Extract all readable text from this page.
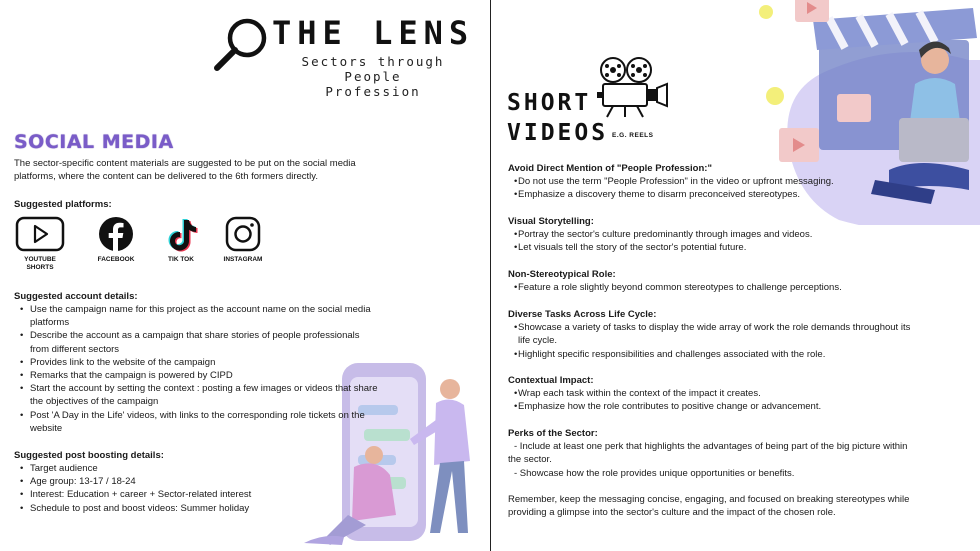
THE LENS
Sectors through
People Profession
SOCIAL MEDIA
The sector-specific content materials are suggested to be put on the social media
platforms, where the content can be delivered to the 6th formers directly.
Suggested platforms:
YOUTUBE
SHORTS
FACEBOOK	TIK TOK	INSTAGRAM
Suggested account details:
• Use the campaign name for this project as the account name on the social media
platforms
• Describe the account as a campaign that share stories of people professionals
from different sectors
• Provides link to the website of the campaign
• Remarks that the campaign is powered by CIPD
• Start the account by setting the context : posting a few images or videos that share
the objectives of the campaign
• Post 'A Day in the Life' videos, with links to the corresponding role tickets on the
website
Suggested post boosting details:
• Target audience
• Age group: 13-17 / 18-24
• Interest: Education + career + Sector-related interest
• Schedule to post and boost videos: Summer holiday
SHORT
VIDEOS E.G. REELS
Avoid Direct Mention of "People Profession:"
• Do not use the term "People Profession" in the video or upfront messaging.
• Emphasize a discovery theme to disarm preconceived stereotypes.
Visual Storytelling:
• Portray the sector's culture predominantly through images and videos.
• Let visuals tell the story of the sector's potential future.
Non-Stereotypical Role:
• Feature a role slightly beyond common stereotypes to challenge perceptions.
Diverse Tasks Across Life Cycle:
• Showcase a variety of tasks to display the wide array of work the role demands throughout its
life cycle.
• Highlight specific responsibilities and challenges associated with the role.
Contextual Impact:
• Wrap each task within the context of the impact it creates.
• Emphasize how the role contributes to positive change or advancement.
Perks of the Sector:
- Include at least one perk that highlights the advantages of being part of the big picture within
the sector.
- Showcase how the role provides unique opportunities or benefits.
Remember, keep the messaging concise, engaging, and focused on breaking stereotypes while
providing a glimpse into the sector's culture and the impact of the chosen role.
